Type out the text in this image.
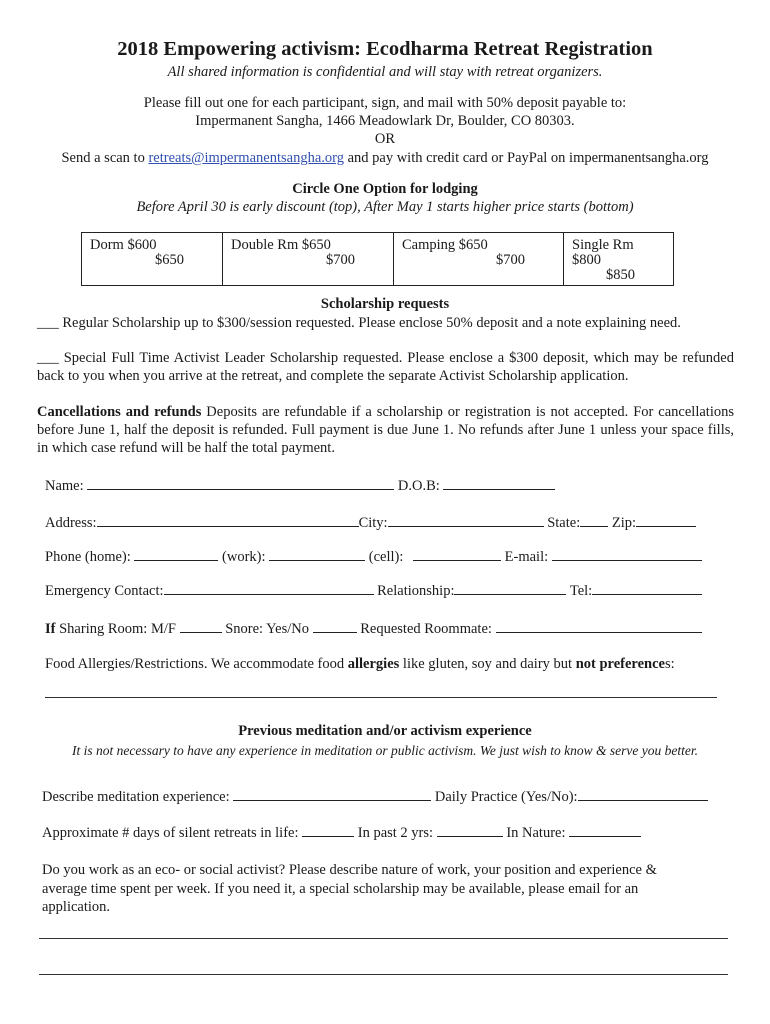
2018 Empowering activism: Ecodharma Retreat Registration
All shared information is confidential and will stay with retreat organizers.
Please fill out one for each participant, sign, and mail with 50% deposit payable to:
Impermanent Sangha, 1466 Meadowlark Dr, Boulder, CO 80303.
OR
Send a scan to retreats@impermanentsangha.org and pay with credit card or PayPal on impermanentsangha.org
Circle One Option for lodging
Before April 30 is early discount (top), After May 1 starts higher price starts (bottom)
Dorm $600
$650
	Double Rm $650
$700
	Camping $650
$700
	Single Rm $800
$850
Scholarship requests
___ Regular Scholarship up to $300/session requested. Please enclose 50% deposit and a note explaining need.
___ Special Full Time Activist Leader Scholarship requested. Please enclose a $300 deposit, which may be refunded back to you when you arrive at the retreat, and complete the separate Activist Scholarship application.
Cancellations and refunds Deposits are refundable if a scholarship or registration is not accepted. For cancellations before June 1, half the deposit is refunded. Full payment is due June 1. No refunds after June 1 unless your space fills, in which case refund will be half the total payment.
Name:	D.O.B:
Address:	City:	State: Zip:
Phone (home):	(work):	(cell):	E-mail:
Emergency Contact:	Relationship:	Tel:
If Sharing Room: M/F	Snore: Yes/No	Requested Roommate:
Food Allergies/Restrictions. We accommodate food allergies like gluten, soy and dairy but not preferences:
Previous meditation and/or activism experience
It is not necessary to have any experience in meditation or public activism. We just wish to know & serve you better.
Describe meditation experience:	Daily Practice (Yes/No):
Approximate # days of silent retreats in life:	In past 2 yrs:	In Nature:
Do you work as an eco- or social activist? Please describe nature of work, your position and experience & average time spent per week. If you need it, a special scholarship may be available, please email for an application.
